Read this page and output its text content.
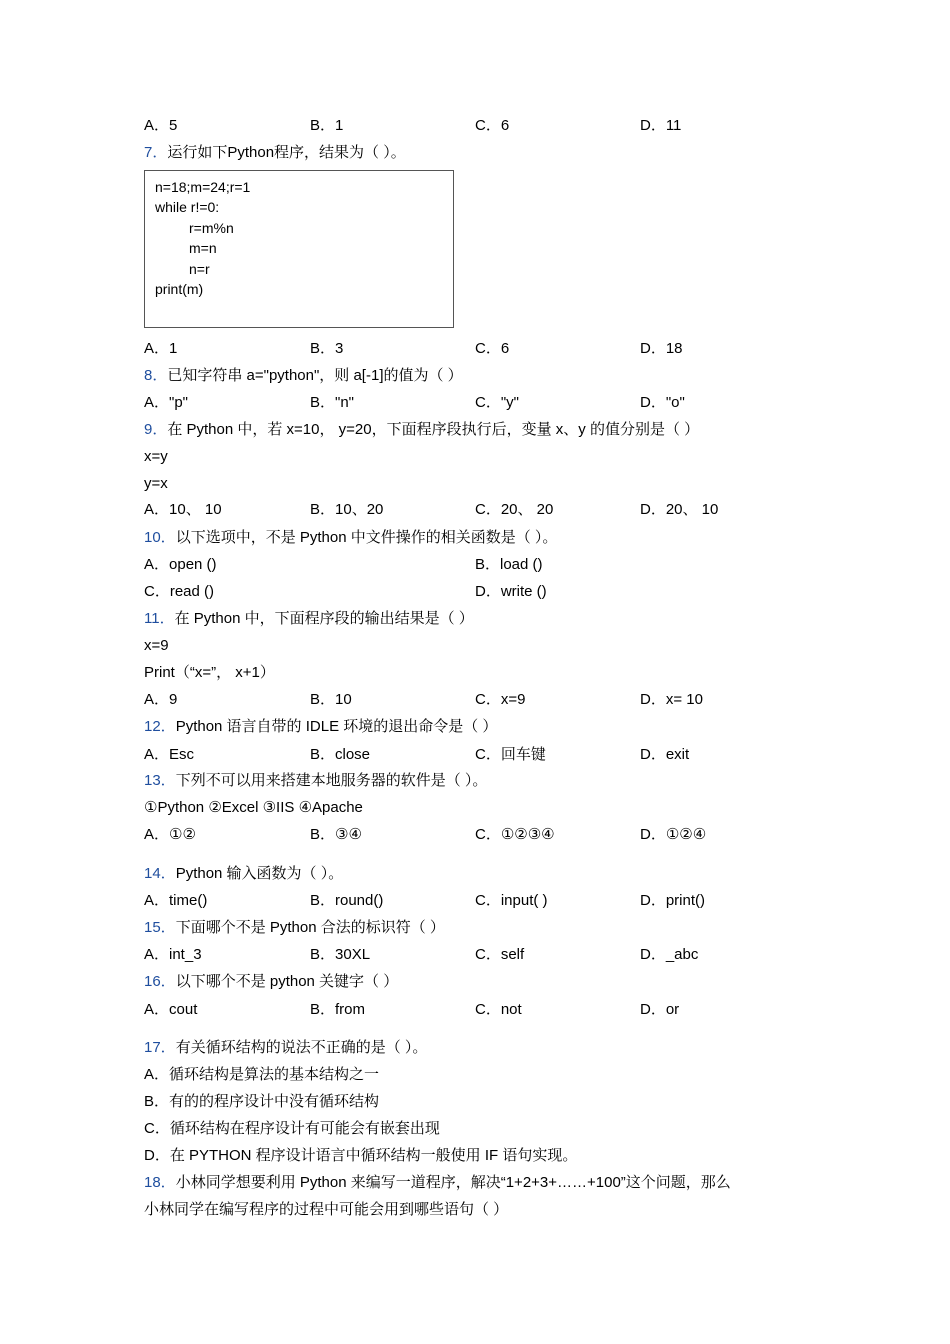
A．5	B．1	C．6	D．11
7．运行如下Python程序，结果为（ ）。
n=18;m=24;r=1
while r!=0:
r=m%n
m=n
n=r
print(m)
A．1	B．3	C．6	D．18
8．已知字符串 a="python"，则 a[-1]的值为（ ）
A．"p"	B．"n"	C．"y"	D．"o"
9．在 Python 中，若 x=10， y=20，下面程序段执行后，变量 x、y 的值分别是（ ）
x=y
y=x
A．10、 10	B．10、20	C．20、 20	D．20、 10
10．以下选项中，不是 Python 中文件操作的相关函数是（ ）。
A．open ()	B．load ()
C．read ()	D．write ()
11．在 Python 中，下面程序段的输出结果是（ ）
x=9
Print（“x=”， x+1）
A．9	B．10	C．x=9	D．x= 10
12．Python 语言自带的 IDLE 环境的退出命令是（ ）
A．Esc	B．close	C．回车键	D．exit
13．下列不可以用来搭建本地服务器的软件是（ ）。
①Python ②Excel ③IIS ④Apache
A．①②	B．③④	C．①②③④	D．①②④
14．Python 输入函数为（ ）。
A．time()	B．round()	C．input( )	D．print()
15．下面哪个不是 Python 合法的标识符（ ）
A．int_3	B．30XL	C．self	D．_abc
16．以下哪个不是 python 关键字（ ）
A．cout	B．from	C．not	D．or
17．有关循环结构的说法不正确的是（ ）。
A．循环结构是算法的基本结构之一
B．有的的程序设计中没有循环结构
C．循环结构在程序设计有可能会有嵌套出现
D．在 PYTHON 程序设计语言中循环结构一般使用 IF 语句实现。
18．小林同学想要利用 Python 来编写一道程序，解决“1+2+3+……+100”这个问题，那么
小林同学在编写程序的过程中可能会用到哪些语句（ ）
